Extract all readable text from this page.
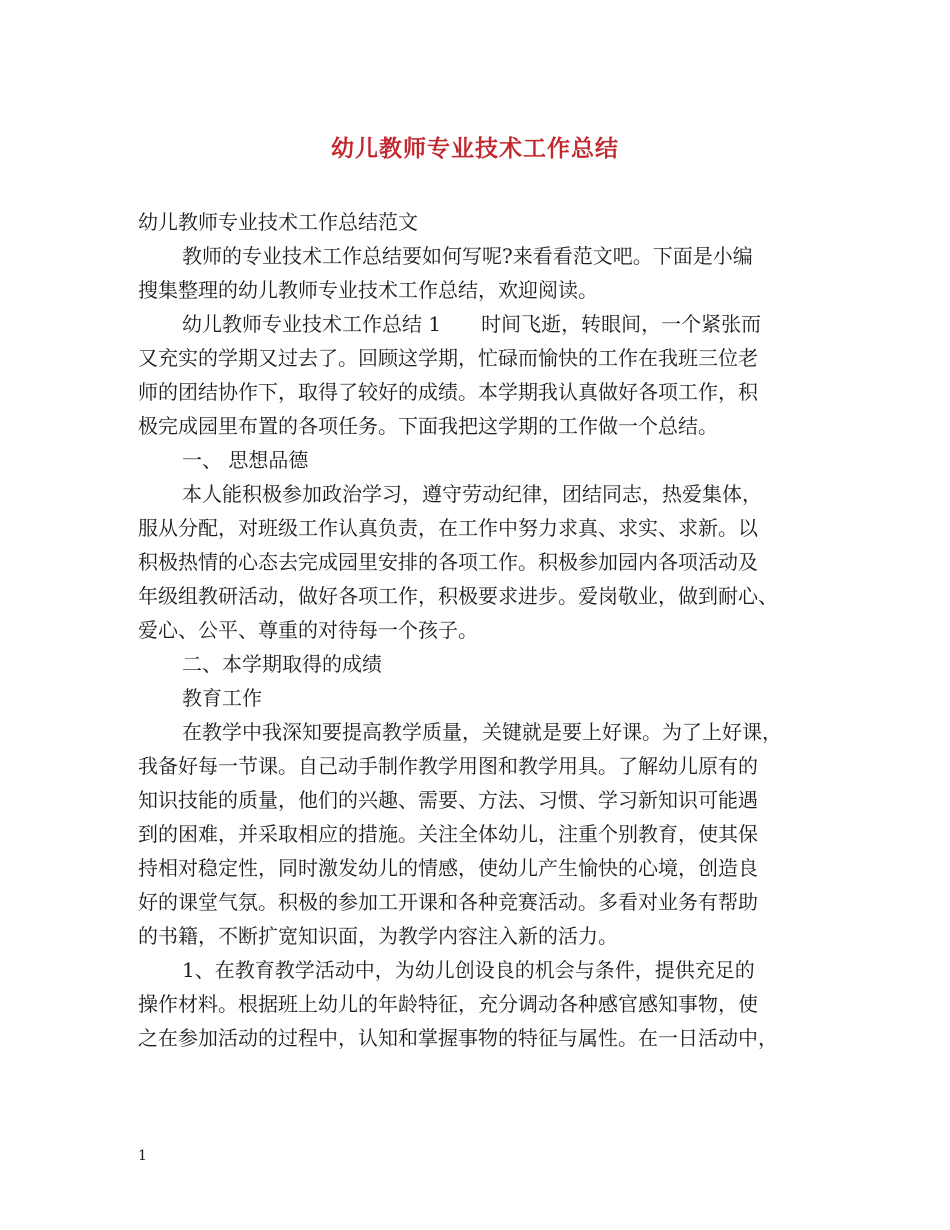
幼儿教师专业技术工作总结
幼儿教师专业技术工作总结范文
教师的专业技术工作总结要如何写呢?来看看范文吧。下面是小编
搜集整理的幼儿教师专业技术工作总结，欢迎阅读。
幼儿教师专业技术工作总结 1　　时间飞逝，转眼间，一个紧张而
又充实的学期又过去了。回顾这学期，忙碌而愉快的工作在我班三位老
师的团结协作下，取得了较好的成绩。本学期我认真做好各项工作，积
极完成园里布置的各项任务。下面我把这学期的工作做一个总结。
一、 思想品德
本人能积极参加政治学习，遵守劳动纪律，团结同志，热爱集体，
服从分配，对班级工作认真负责，在工作中努力求真、求实、求新。以
积极热情的心态去完成园里安排的各项工作。积极参加园内各项活动及
年级组教研活动，做好各项工作，积极要求进步。爱岗敬业，做到耐心、
爱心、公平、尊重的对待每一个孩子。
二、本学期取得的成绩
教育工作
在教学中我深知要提高教学质量，关键就是要上好课。为了上好课，
我备好每一节课。自己动手制作教学用图和教学用具。了解幼儿原有的
知识技能的质量，他们的兴趣、需要、方法、习惯、学习新知识可能遇
到的困难，并采取相应的措施。关注全体幼儿，注重个别教育，使其保
持相对稳定性，同时激发幼儿的情感，使幼儿产生愉快的心境，创造良
好的课堂气氛。积极的参加工开课和各种竞赛活动。多看对业务有帮助
的书籍，不断扩宽知识面，为教学内容注入新的活力。
1、在教育教学活动中，为幼儿创设良的机会与条件，提供充足的
操作材料。根据班上幼儿的年龄特征，充分调动各种感官感知事物，使
之在参加活动的过程中，认知和掌握事物的特征与属性。在一日活动中，
1
